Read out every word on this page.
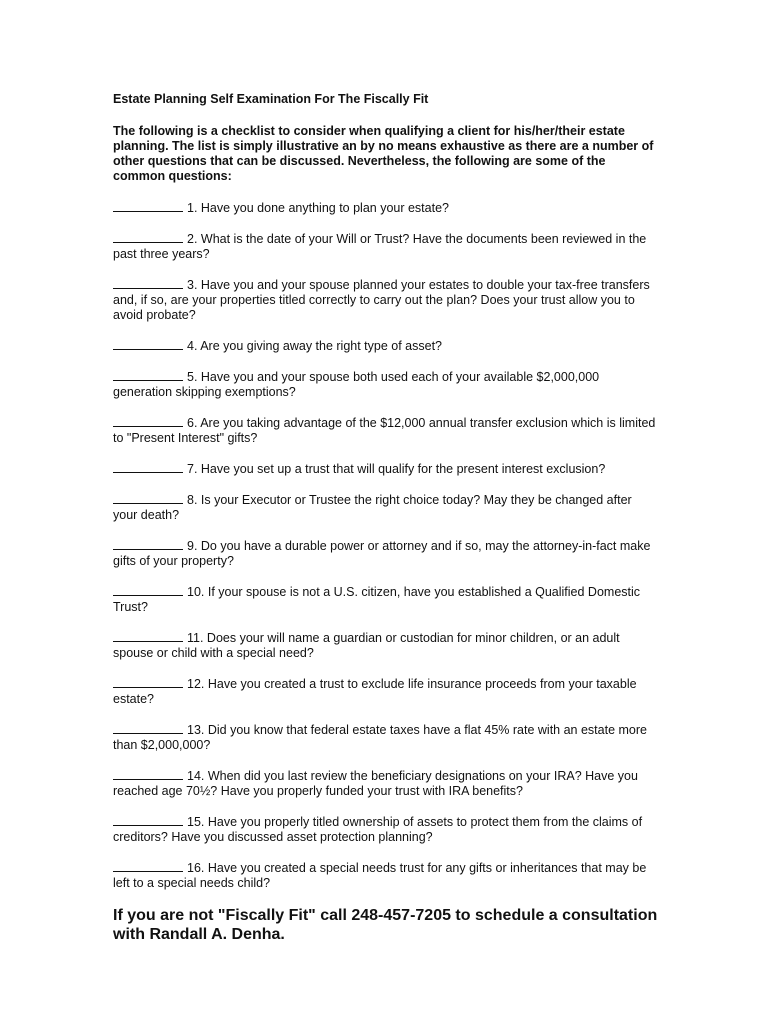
Estate Planning Self Examination For The Fiscally Fit
The following is a checklist to consider when qualifying a client for his/her/their estate planning. The list is simply illustrative an by no means exhaustive as there are a number of other questions that can be discussed. Nevertheless, the following are some of the common questions:
1. Have you done anything to plan your estate?
2. What is the date of your Will or Trust? Have the documents been reviewed in the past three years?
3. Have you and your spouse planned your estates to double your tax-free transfers and, if so, are your properties titled correctly to carry out the plan? Does your trust allow you to avoid probate?
4. Are you giving away the right type of asset?
5. Have you and your spouse both used each of your available $2,000,000 generation skipping exemptions?
6. Are you taking advantage of the $12,000 annual transfer exclusion which is limited to "Present Interest" gifts?
7. Have you set up a trust that will qualify for the present interest exclusion?
8. Is your Executor or Trustee the right choice today? May they be changed after your death?
9. Do you have a durable power or attorney and if so, may the attorney-in-fact make gifts of your property?
10. If your spouse is not a U.S. citizen, have you established a Qualified Domestic Trust?
11. Does your will name a guardian or custodian for minor children, or an adult spouse or child with a special need?
12. Have you created a trust to exclude life insurance proceeds from your taxable estate?
13. Did you know that federal estate taxes have a flat 45% rate with an estate more than $2,000,000?
14. When did you last review the beneficiary designations on your IRA? Have you reached age 70½? Have you properly funded your trust with IRA benefits?
15. Have you properly titled ownership of assets to protect them from the claims of creditors? Have you discussed asset protection planning?
16. Have you created a special needs trust for any gifts or inheritances that may be left to a special needs child?
If you are not "Fiscally Fit" call 248-457-7205 to schedule a consultation with Randall A. Denha.
